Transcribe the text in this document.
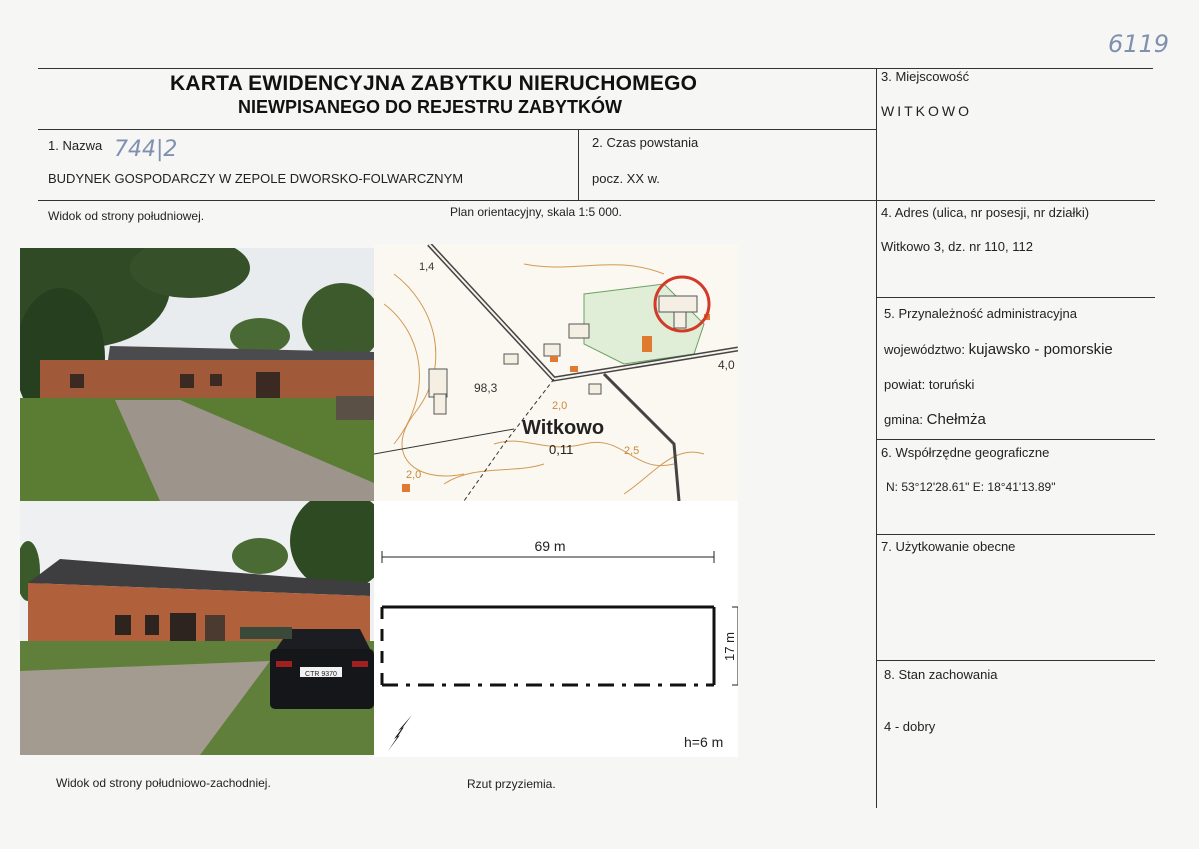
6119
KARTA EWIDENCYJNA ZABYTKU NIERUCHOMEGO
NIEWPISANEGO DO REJESTRU ZABYTKÓW
1. Nazwa 744|2
BUDYNEK GOSPODARCZY W ZEPOLE DWORSKO-FOLWARCZNYM
2. Czas powstania
pocz. XX w.
3. Miejscowość
WITKOWO
4. Adres (ulica, nr posesji, nr działki)
Witkowo 3, dz. nr 110, 112
5. Przynależność administracyjna
województwo: kujawsko - pomorskie
powiat: toruński
gmina: Chełmża
6. Współrzędne geograficzne
N: 53°12'28.61" E: 18°41'13.89"
7. Użytkowanie obecne
8. Stan zachowania
4 - dobry
Widok od strony południowej.	Plan orientacyjny, skala 1:5 000.
Widok od strony południowo-zachodniej.	Rzut przyziemia.
CTR 9370
1,4
98,3
4,0
2,0
2,5
2,0
Witkowo
0,11
69 m
17 m
h=6 m
